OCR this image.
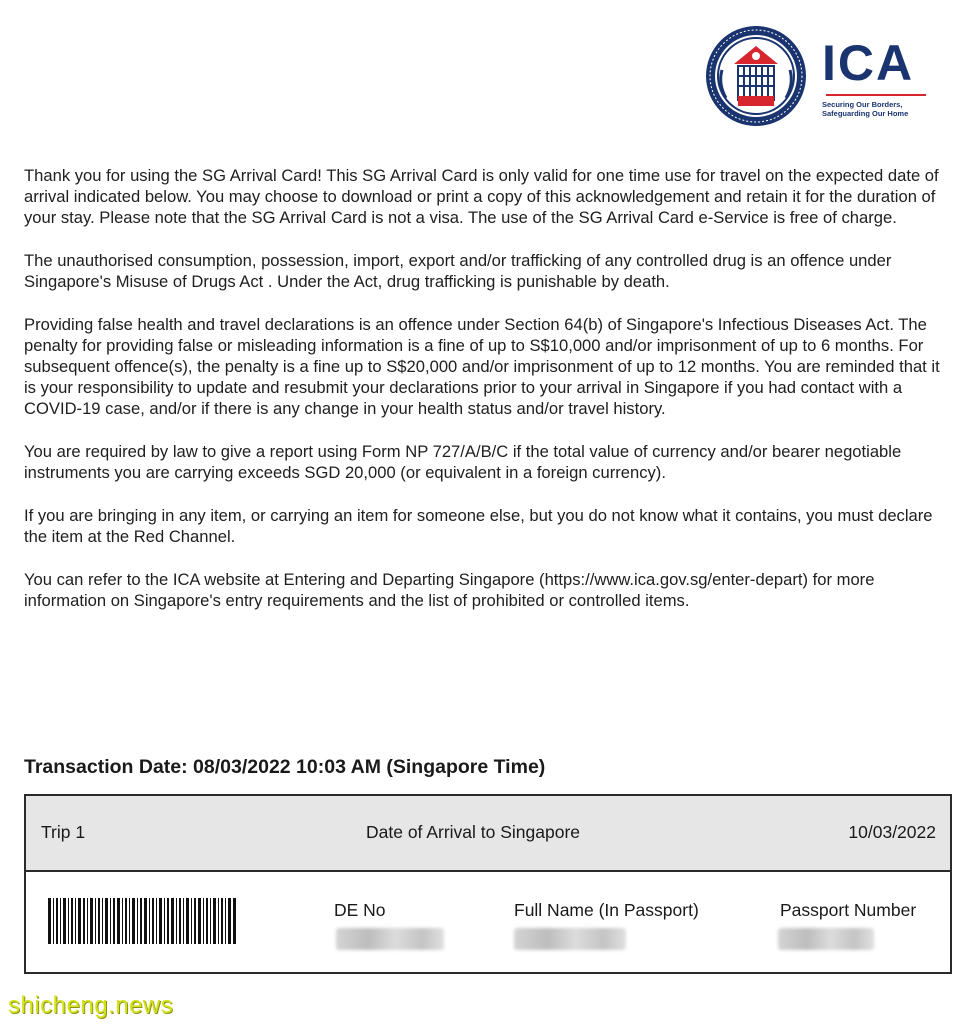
ICA
Securing Our Borders,
Safeguarding Our Home

Thank you for using the SG Arrival Card! This SG Arrival Card is only valid for one time use for travel on the expected date of arrival indicated below. You may choose to download or print a copy of this acknowledgement and retain it for the duration of your stay. Please note that the SG Arrival Card is not a visa. The use of the SG Arrival Card e-Service is free of charge.

The unauthorised consumption, possession, import, export and/or trafficking of any controlled drug is an offence under Singapore's Misuse of Drugs Act . Under the Act, drug trafficking is punishable by death.

Providing false health and travel declarations is an offence under Section 64(b) of Singapore's Infectious Diseases Act. The penalty for providing false or misleading information is a fine of up to S$10,000 and/or imprisonment of up to 6 months. For subsequent offence(s), the penalty is a fine up to S$20,000 and/or imprisonment of up to 12 months. You are reminded that it is your responsibility to update and resubmit your declarations prior to your arrival in Singapore if you had contact with a COVID-19 case, and/or if there is any change in your health status and/or travel history.

You are required by law to give a report using Form NP 727/A/B/C if the total value of currency and/or bearer negotiable instruments you are carrying exceeds SGD 20,000 (or equivalent in a foreign currency).

If you are bringing in any item, or carrying an item for someone else, but you do not know what it contains, you must declare the item at the Red Channel.

You can refer to the ICA website at Entering and Departing Singapore (https://www.ica.gov.sg/enter-depart) for more information on Singapore's entry requirements and the list of prohibited or controlled items.

Transaction Date: 08/03/2022 10:03 AM (Singapore Time)
Trip 1	Date of Arrival to Singapore	10/03/2022
DE No	Full Name (In Passport)	Passport Number
shicheng.news
